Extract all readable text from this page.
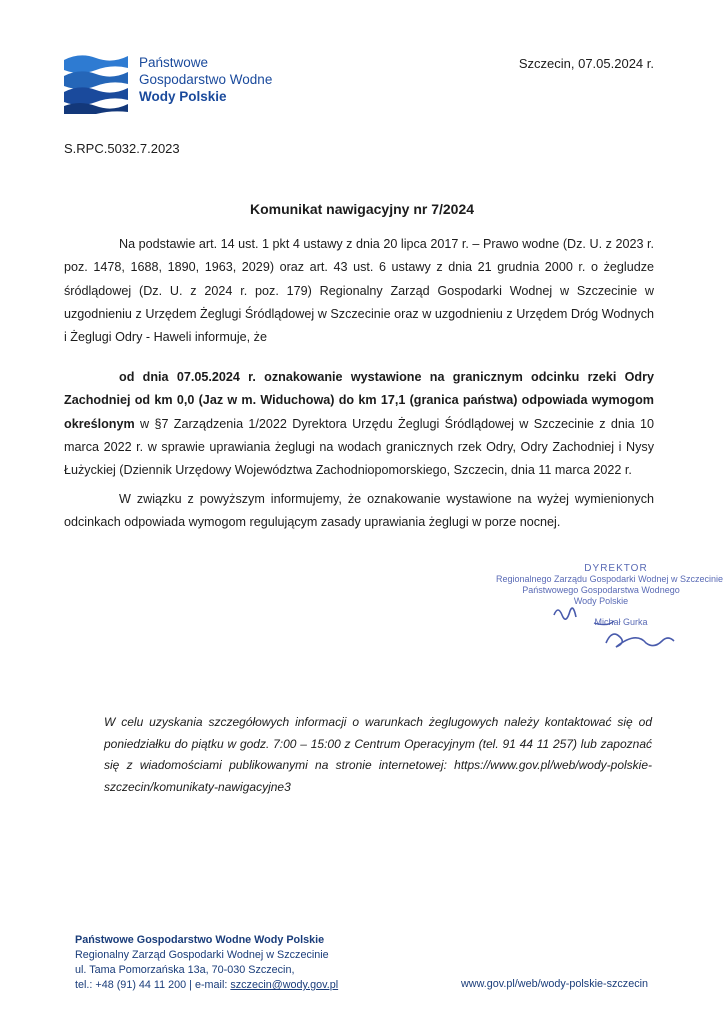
Państwowe
Gospodarstwo Wodne
Wody Polskie
Szczecin, 07.05.2024 r.
S.RPC.5032.7.2023
Komunikat nawigacyjny nr 7/2024
Na podstawie art. 14 ust. 1 pkt 4 ustawy z dnia 20 lipca 2017 r. – Prawo wodne (Dz. U. z 2023 r. poz. 1478, 1688, 1890, 1963, 2029) oraz art. 43 ust. 6 ustawy z dnia 21 grudnia 2000 r. o żegludze śródlądowej (Dz. U. z 2024 r. poz. 179) Regionalny Zarząd Gospodarki Wodnej w Szczecinie w uzgodnieniu z Urzędem Żeglugi Śródlądowej w Szczecinie oraz w uzgodnieniu z Urzędem Dróg Wodnych i Żeglugi Odry - Haweli informuje, że
od dnia 07.05.2024 r. oznakowanie wystawione na granicznym odcinku rzeki Odry Zachodniej od km 0,0 (Jaz w m. Widuchowa) do km 17,1 (granica państwa) odpowiada wymogom określonym w §7 Zarządzenia 1/2022 Dyrektora Urzędu Żeglugi Śródlądowej w Szczecinie z dnia 10 marca 2022 r. w sprawie uprawiania żeglugi na wodach granicznych rzek Odry, Odry Zachodniej i Nysy Łużyckiej (Dziennik Urzędowy Województwa Zachodniopomorskiego, Szczecin, dnia 11 marca 2022 r.
W związku z powyższym informujemy, że oznakowanie wystawione na wyżej wymienionych odcinkach odpowiada wymogom regulującym zasady uprawiania żeglugi w porze nocnej.
DYREKTOR
Regionalnego Zarządu Gospodarki Wodnej w Szczecinie
Państwowego Gospodarstwa Wodnego
Wody Polskie
Michał Gurka
W celu uzyskania szczegółowych informacji o warunkach żeglugowych należy kontaktować się od poniedziałku do piątku w godz. 7:00 – 15:00 z Centrum Operacyjnym (tel. 91 44 11 257) lub zapoznać się z wiadomościami publikowanymi na stronie internetowej: https://www.gov.pl/web/wody-polskie-szczecin/komunikaty-nawigacyjne3
Państwowe Gospodarstwo Wodne Wody Polskie
Regionalny Zarząd Gospodarki Wodnej w Szczecinie
ul. Tama Pomorzańska 13a, 70-030 Szczecin,
tel.: +48 (91) 44 11 200 | e-mail: szczecin@wody.gov.pl	www.gov.pl/web/wody-polskie-szczecin
